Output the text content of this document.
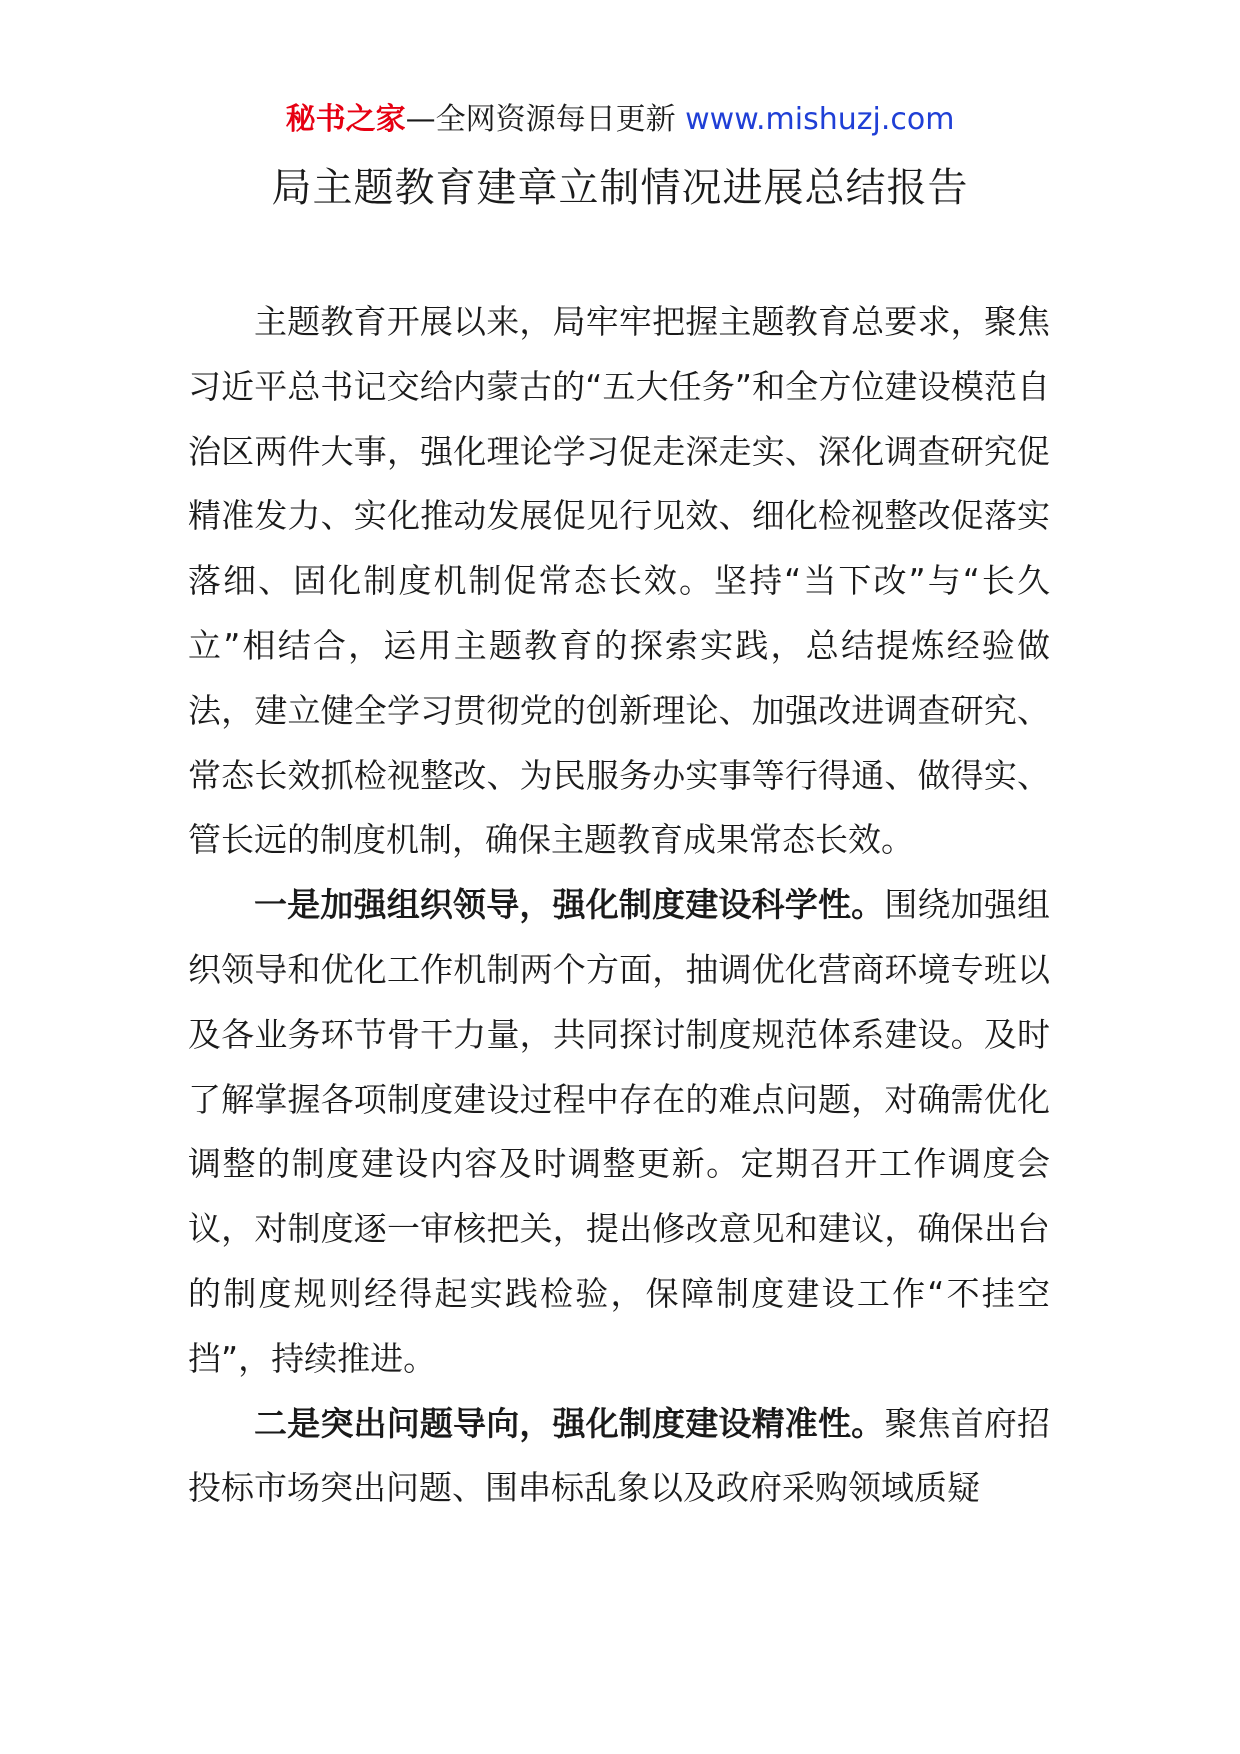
秘书之家—全网资源每日更新 www.mishuzj.com
局主题教育建章立制情况进展总结报告

主题教育开展以来，局牢牢把握主题教育总要求，聚焦习近平总书记交给内蒙古的“五大任务”和全方位建设模范自治区两件大事，强化理论学习促走深走实、深化调查研究促精准发力、实化推动发展促见行见效、细化检视整改促落实落细、固化制度机制促常态长效。坚持“当下改”与“长久立”相结合，运用主题教育的探索实践，总结提炼经验做法，建立健全学习贯彻党的创新理论、加强改进调查研究、常态长效抓检视整改、为民服务办实事等行得通、做得实、管长远的制度机制，确保主题教育成果常态长效。

一是加强组织领导，强化制度建设科学性。围绕加强组织领导和优化工作机制两个方面，抽调优化营商环境专班以及各业务环节骨干力量，共同探讨制度规范体系建设。及时了解掌握各项制度建设过程中存在的难点问题，对确需优化调整的制度建设内容及时调整更新。定期召开工作调度会议，对制度逐一审核把关，提出修改意见和建议，确保出台的制度规则经得起实践检验，保障制度建设工作“不挂空挡”，持续推进。

二是突出问题导向，强化制度建设精准性。聚焦首府招投标市场突出问题、围串标乱象以及政府采购领域质疑
